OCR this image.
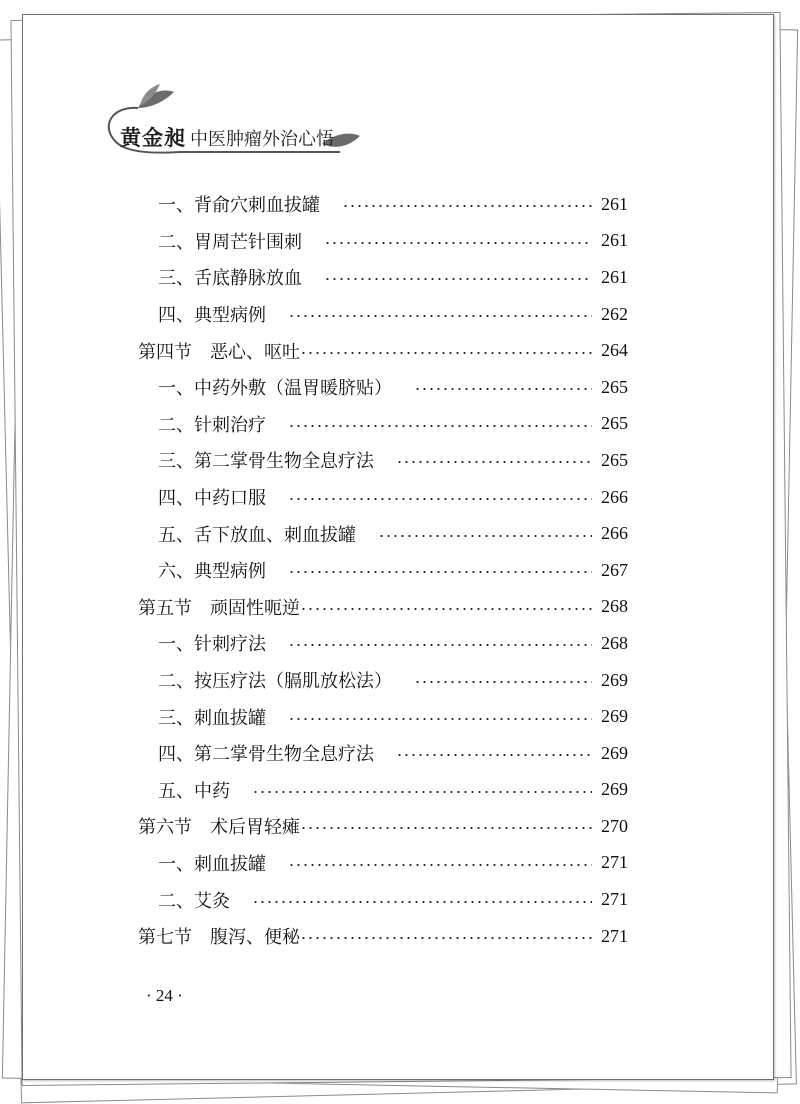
黄金昶 中医肿瘤外治心悟
一、背俞穴刺血拔罐	261
二、胃周芒针围刺	261
三、舌底静脉放血	261
四、典型病例	262
第四节　恶心、呕吐	264
一、中药外敷（温胃暖脐贴）	265
二、针刺治疗	265
三、第二掌骨生物全息疗法	265
四、中药口服	266
五、舌下放血、刺血拔罐	266
六、典型病例	267
第五节　顽固性呃逆	268
一、针刺疗法	268
二、按压疗法（膈肌放松法）	269
三、刺血拔罐	269
四、第二掌骨生物全息疗法	269
五、中药	269
第六节　术后胃轻瘫	270
一、刺血拔罐	271
二、艾灸	271
第七节　腹泻、便秘	271
· 24 ·
